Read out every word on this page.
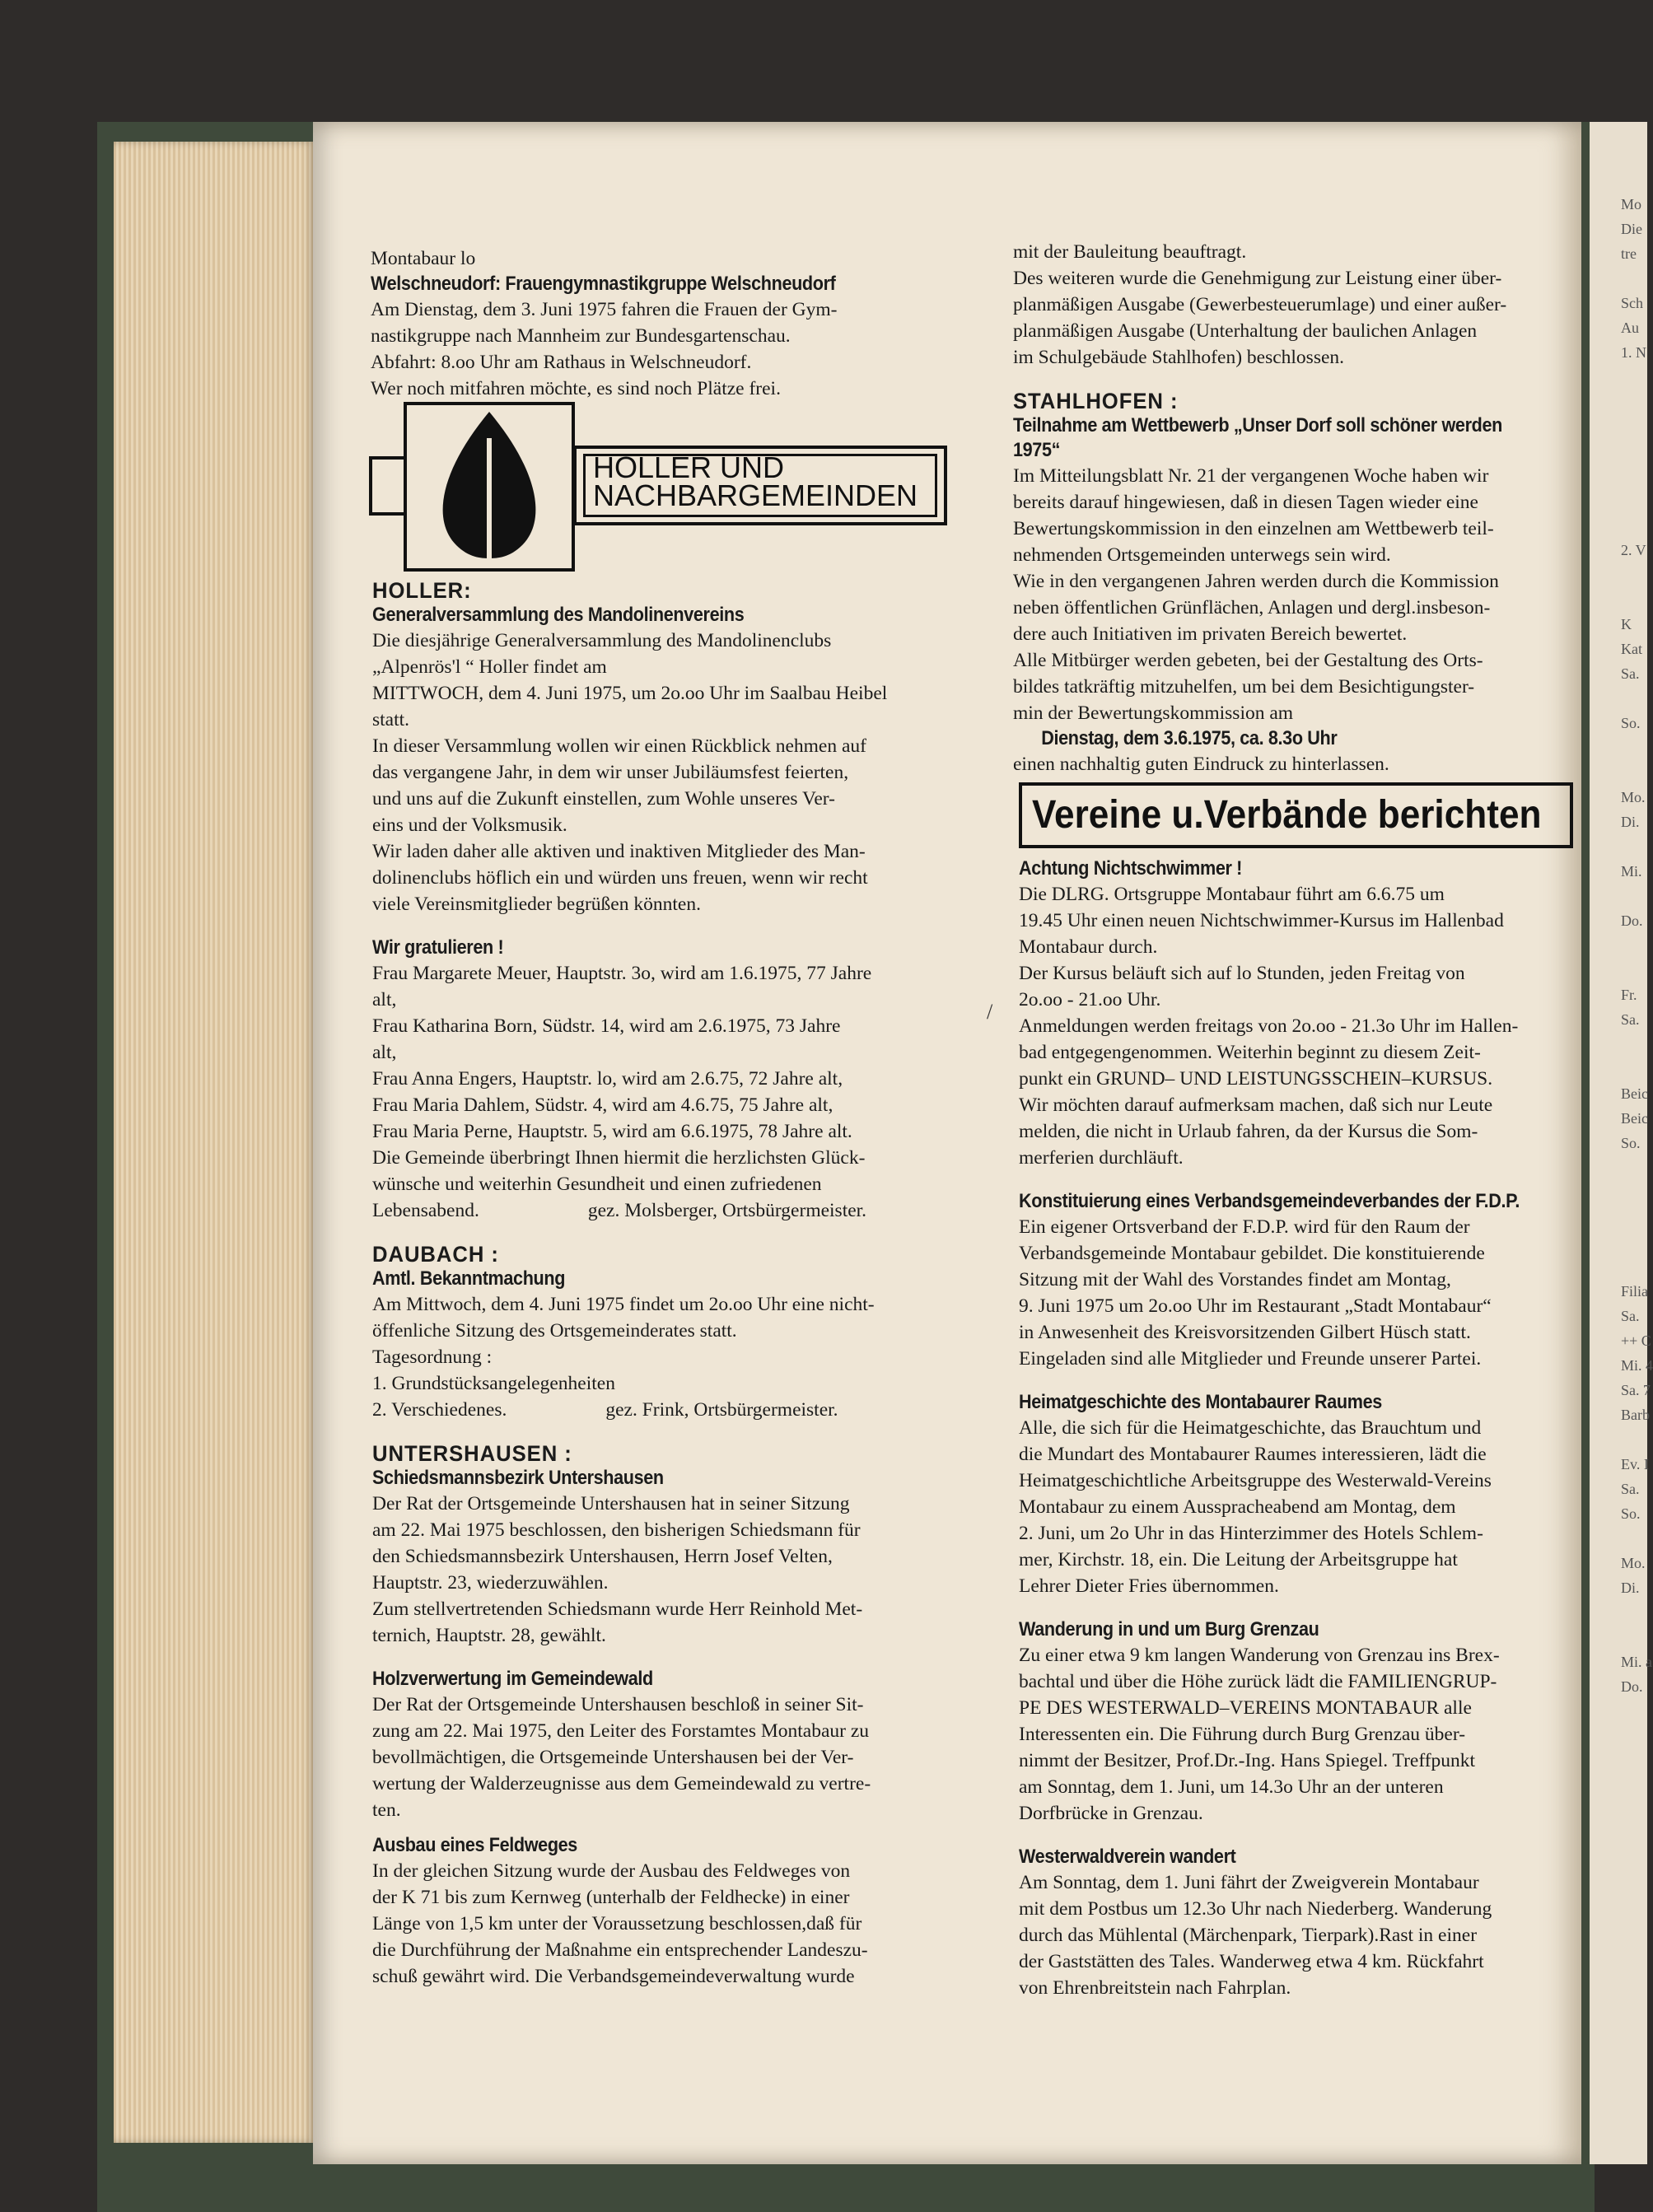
Mo
Die
tre
Sch
Au
1. N
2. V
K
Kat
Sa.
So.
Mo.
Di.
Mi.
Do.
Fr.
Sa.
Beic
Beic
So.
Filia
Sa.
++ C
Mi. 4
Sa. 7
Barb
Ev. I
Sa.
So.
Mo.
Di.
Mi. a
Do.

Montabaur lo

Welschneudorf: Frauengymnastikgruppe Welschneudorf

Am Dienstag, dem 3. Juni 1975 fahren die Frauen der Gym-

nastikgruppe nach Mannheim zur Bundesgartenschau.

Abfahrt: 8.oo Uhr am Rathaus in Welschneudorf.

Wer noch mitfahren möchte, es sind noch Plätze frei.

HOLLER UND
NACHBARGEMEINDEN

HOLLER:

Generalversammlung des Mandolinenvereins

Die diesjährige Generalversammlung des Mandolinenclubs

„Alpenrös'l “ Holler findet am

MITTWOCH, dem 4. Juni 1975, um 2o.oo Uhr im Saalbau Heibel

statt.

In dieser Versammlung wollen wir einen Rückblick nehmen auf

das vergangene Jahr, in dem wir unser Jubiläumsfest feierten,

und uns auf die Zukunft einstellen, zum Wohle unseres Ver-

eins und der Volksmusik.

Wir laden daher alle aktiven und inaktiven Mitglieder des Man-

dolinenclubs höflich ein und würden uns freuen, wenn wir recht

viele Vereinsmitglieder begrüßen könnten.

Wir gratulieren !

Frau Margarete Meuer, Hauptstr. 3o, wird am 1.6.1975, 77 Jahre

alt,

Frau Katharina Born, Südstr. 14, wird am 2.6.1975, 73 Jahre

alt,

Frau Anna Engers, Hauptstr. lo, wird am 2.6.75, 72 Jahre alt,

Frau Maria Dahlem, Südstr. 4, wird am 4.6.75, 75 Jahre alt,

Frau Maria Perne, Hauptstr. 5, wird am 6.6.1975, 78 Jahre alt.

Die Gemeinde überbringt Ihnen hiermit die herzlichsten Glück-

wünsche und weiterhin Gesundheit und einen zufriedenen

Lebensabend.	gez. Molsberger, Ortsbürgermeister.

DAUBACH :

Amtl. Bekanntmachung

Am Mittwoch, dem 4. Juni 1975 findet um 2o.oo Uhr eine nicht-

öffenliche Sitzung des Ortsgemeinderates statt.

Tagesordnung :

1. Grundstücksangelegenheiten

2. Verschiedenes.	gez. Frink, Ortsbürgermeister.

UNTERSHAUSEN :

Schiedsmannsbezirk Untershausen

Der Rat der Ortsgemeinde Untershausen hat in seiner Sitzung

am 22. Mai 1975 beschlossen, den bisherigen Schiedsmann für

den Schiedsmannsbezirk Untershausen, Herrn Josef Velten,

Hauptstr. 23, wiederzuwählen.

Zum stellvertretenden Schiedsmann wurde Herr Reinhold Met-

ternich, Hauptstr. 28, gewählt.

Holzverwertung im Gemeindewald

Der Rat der Ortsgemeinde Untershausen beschloß in seiner Sit-

zung am 22. Mai 1975, den Leiter des Forstamtes Montabaur zu

bevollmächtigen, die Ortsgemeinde Untershausen bei der Ver-

wertung der Walderzeugnisse aus dem Gemeindewald zu vertre-

ten.

Ausbau eines Feldweges

In der gleichen Sitzung wurde der Ausbau des Feldweges von

der K 71 bis zum Kernweg (unterhalb der Feldhecke) in einer

Länge von 1,5 km unter der Voraussetzung beschlossen,daß für

die Durchführung der Maßnahme ein entsprechender Landeszu-

schuß gewährt wird. Die Verbandsgemeindeverwaltung wurde

/

mit der Bauleitung beauftragt.

Des weiteren wurde die Genehmigung zur Leistung einer über-

planmäßigen Ausgabe (Gewerbesteuerumlage) und einer außer-

planmäßigen Ausgabe (Unterhaltung der baulichen Anlagen

im Schulgebäude Stahlhofen) beschlossen.

STAHLHOFEN :

Teilnahme am Wettbewerb „Unser Dorf soll schöner werden

1975“

Im Mitteilungsblatt Nr. 21 der vergangenen Woche haben wir

bereits darauf hingewiesen, daß in diesen Tagen wieder eine

Bewertungskommission in den einzelnen am Wettbewerb teil-

nehmenden Ortsgemeinden unterwegs sein wird.

Wie in den vergangenen Jahren werden durch die Kommission

neben öffentlichen Grünflächen, Anlagen und dergl.insbeson-

dere auch Initiativen im privaten Bereich bewertet.

Alle Mitbürger werden gebeten, bei der Gestaltung des Orts-

bildes tatkräftig mitzuhelfen, um bei dem Besichtigungster-

min der Bewertungskommission am

Dienstag, dem 3.6.1975, ca. 8.3o Uhr

einen nachhaltig guten Eindruck zu hinterlassen.

Vereine u.Verbände berichten

Achtung Nichtschwimmer !

Die DLRG. Ortsgruppe Montabaur führt am 6.6.75 um

19.45 Uhr einen neuen Nichtschwimmer-Kursus im Hallenbad

Montabaur durch.

Der Kursus beläuft sich auf lo Stunden, jeden Freitag von

2o.oo - 21.oo Uhr.

Anmeldungen werden freitags von 2o.oo - 21.3o Uhr im Hallen-

bad entgegengenommen. Weiterhin beginnt zu diesem Zeit-

punkt ein GRUND– UND LEISTUNGSSCHEIN–KURSUS.

Wir möchten darauf aufmerksam machen, daß sich nur Leute

melden, die nicht in Urlaub fahren, da der Kursus die Som-

merferien durchläuft.

Konstituierung eines Verbandsgemeindeverbandes der F.D.P.

Ein eigener Ortsverband der F.D.P. wird für den Raum der

Verbandsgemeinde Montabaur gebildet. Die konstituierende

Sitzung mit der Wahl des Vorstandes findet am Montag,

9. Juni 1975 um 2o.oo Uhr im Restaurant „Stadt Montabaur“

in Anwesenheit des Kreisvorsitzenden Gilbert Hüsch statt.

Eingeladen sind alle Mitglieder und Freunde unserer Partei.

Heimatgeschichte des Montabaurer Raumes

Alle, die sich für die Heimatgeschichte, das Brauchtum und

die Mundart des Montabaurer Raumes interessieren, lädt die

Heimatgeschichtliche Arbeitsgruppe des Westerwald-Vereins

Montabaur zu einem Ausspracheabend am Montag, dem

2. Juni, um 2o Uhr in das Hinterzimmer des Hotels Schlem-

mer, Kirchstr. 18, ein. Die Leitung der Arbeitsgruppe hat

Lehrer Dieter Fries übernommen.

Wanderung in und um Burg Grenzau

Zu einer etwa 9 km langen Wanderung von Grenzau ins Brex-

bachtal und über die Höhe zurück lädt die FAMILIENGRUP-

PE DES WESTERWALD–VEREINS MONTABAUR alle

Interessenten ein. Die Führung durch Burg Grenzau über-

nimmt der Besitzer, Prof.Dr.-Ing. Hans Spiegel. Treffpunkt

am Sonntag, dem 1. Juni, um 14.3o Uhr an der unteren

Dorfbrücke in Grenzau.

Westerwaldverein wandert

Am Sonntag, dem 1. Juni fährt der Zweigverein Montabaur

mit dem Postbus um 12.3o Uhr nach Niederberg. Wanderung

durch das Mühlental (Märchenpark, Tierpark).Rast in einer

der Gaststätten des Tales. Wanderweg etwa 4 km. Rückfahrt

von Ehrenbreitstein nach Fahrplan.
